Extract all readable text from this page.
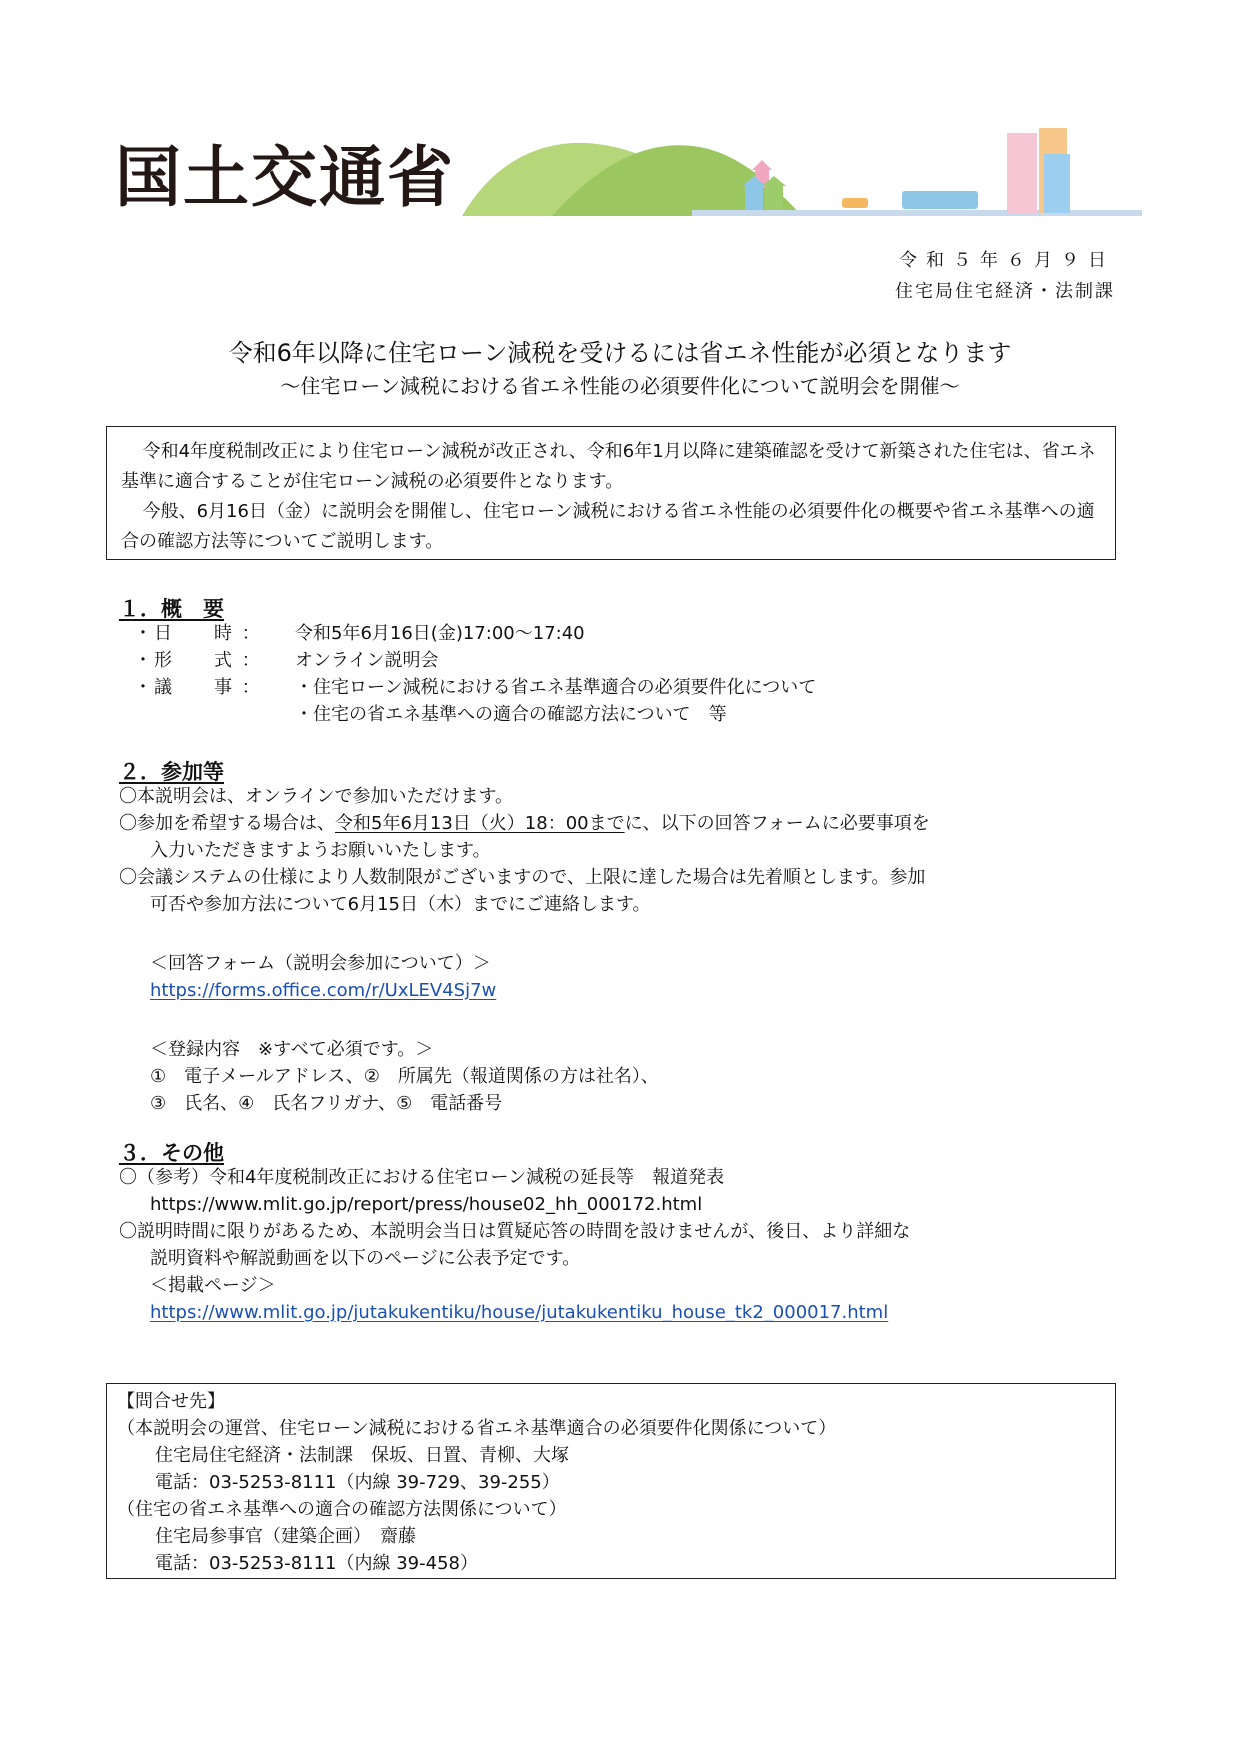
国土交通省
令和５年６月９日
住宅局住宅経済・法制課
令和6年以降に住宅ローン減税を受けるには省エネ性能が必須となります
～住宅ローン減税における省エネ性能の必須要件化について説明会を開催～

令和4年度税制改正により住宅ローン減税が改正され、令和6年1月以降に建築確認を受けて新築された住宅は、省エネ基準に適合することが住宅ローン減税の必須要件となります。

今般、6月16日（金）に説明会を開催し、住宅ローン減税における省エネ性能の必須要件化の概要や省エネ基準への適合の確認方法等についてご説明します。

１．概　要
・日　　時 ： 令和5年6月16日(金)17:00～17:40
・形　　式 ： オンライン説明会
・議　　事 ： ・住宅ローン減税における省エネ基準適合の必須要件化について
・住宅の省エネ基準への適合の確認方法について　等
２．参加等
〇本説明会は、オンラインで参加いただけます。
〇参加を希望する場合は、令和5年6月13日（火）18：00までに、以下の回答フォームに必要事項を
入力いただきますようお願いいたします。
〇会議システムの仕様により人数制限がございますので、上限に達した場合は先着順とします。参加
可否や参加方法について6月15日（木）までにご連絡します。
＜回答フォーム（説明会参加について）＞
https://forms.office.com/r/UxLEV4Sj7w
＜登録内容　※すべて必須です。＞
①　電子メールアドレス、②　所属先（報道関係の方は社名）、
③　氏名、④　氏名フリガナ、⑤　電話番号
３．その他
〇（参考）令和4年度税制改正における住宅ローン減税の延長等　報道発表
https://www.mlit.go.jp/report/press/house02_hh_000172.html
〇説明時間に限りがあるため、本説明会当日は質疑応答の時間を設けませんが、後日、より詳細な
説明資料や解説動画を以下のページに公表予定です。
＜掲載ページ＞
https://www.mlit.go.jp/jutakukentiku/house/jutakukentiku_house_tk2_000017.html
【問合せ先】
（本説明会の運営、住宅ローン減税における省エネ基準適合の必須要件化関係について）
住宅局住宅経済・法制課　保坂、日置、青柳、大塚
電話：03-5253-8111（内線 39-729、39-255）
（住宅の省エネ基準への適合の確認方法関係について）
住宅局参事官（建築企画）　齋藤
電話：03-5253-8111（内線 39-458）
